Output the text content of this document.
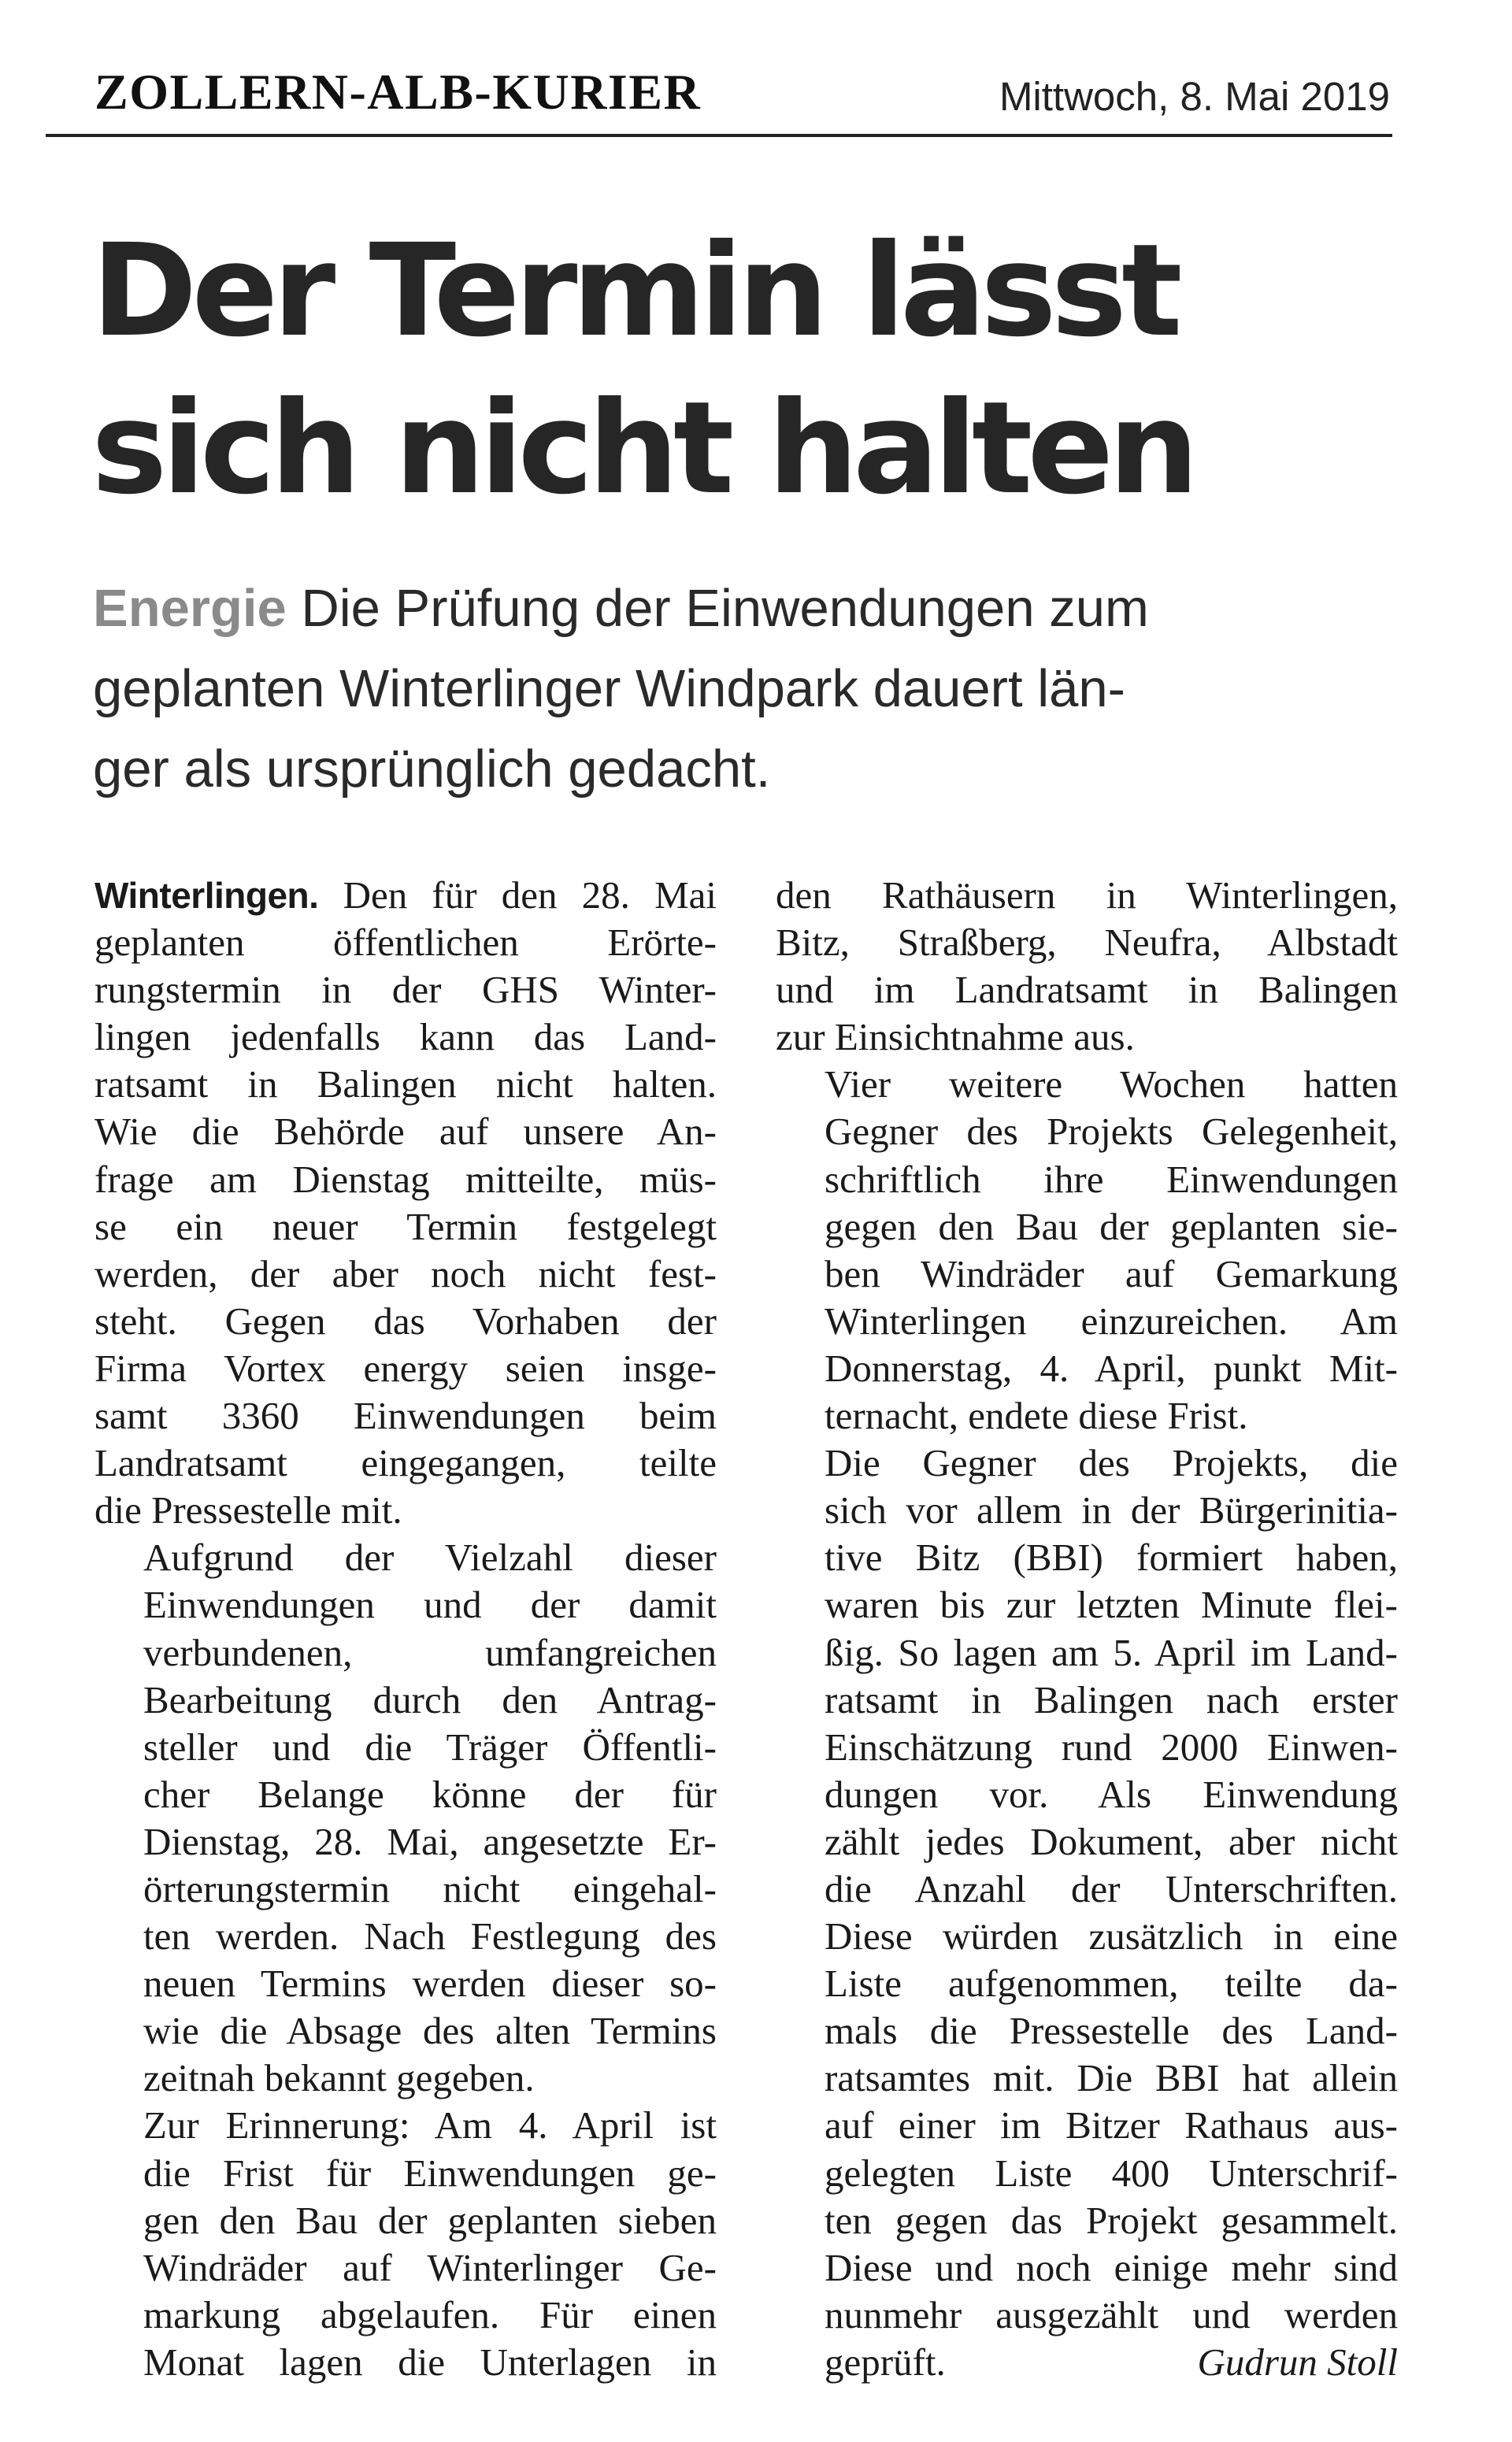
ZOLLERN-ALB-KURIER	Mittwoch, 8. Mai 2019
Der Termin lässt
sich nicht halten
Energie Die Prüfung der Einwendungen zum
geplanten Winterlinger Windpark dauert län-
ger als ursprünglich gedacht.
Winterlingen. Den für den 28. Mai
geplanten öffentlichen Erörte-
rungstermin in der GHS Winter-
lingen jedenfalls kann das Land-
ratsamt in Balingen nicht halten.
Wie die Behörde auf unsere An-
frage am Dienstag mitteilte, müs-
se ein neuer Termin festgelegt
werden, der aber noch nicht fest-
steht. Gegen das Vorhaben der
Firma Vortex energy seien insge-
samt 3360 Einwendungen beim
Landratsamt eingegangen, teilte
die Pressestelle mit.
Aufgrund der Vielzahl dieser
Einwendungen und der damit
verbundenen, umfangreichen
Bearbeitung durch den Antrag-
steller und die Träger Öffentli-
cher Belange könne der für
Dienstag, 28. Mai, angesetzte Er-
örterungstermin nicht eingehal-
ten werden. Nach Festlegung des
neuen Termins werden dieser so-
wie die Absage des alten Termins
zeitnah bekannt gegeben.
Zur Erinnerung: Am 4. April ist
die Frist für Einwendungen ge-
gen den Bau der geplanten sieben
Windräder auf Winterlinger Ge-
markung abgelaufen. Für einen
Monat lagen die Unterlagen in
den Rathäusern in Winterlingen,
Bitz, Straßberg, Neufra, Albstadt
und im Landratsamt in Balingen
zur Einsichtnahme aus.
Vier weitere Wochen hatten
Gegner des Projekts Gelegenheit,
schriftlich ihre Einwendungen
gegen den Bau der geplanten sie-
ben Windräder auf Gemarkung
Winterlingen einzureichen. Am
Donnerstag, 4. April, punkt Mit-
ternacht, endete diese Frist.
Die Gegner des Projekts, die
sich vor allem in der Bürgerinitia-
tive Bitz (BBI) formiert haben,
waren bis zur letzten Minute flei-
ßig. So lagen am 5. April im Land-
ratsamt in Balingen nach erster
Einschätzung rund 2000 Einwen-
dungen vor. Als Einwendung
zählt jedes Dokument, aber nicht
die Anzahl der Unterschriften.
Diese würden zusätzlich in eine
Liste aufgenommen, teilte da-
mals die Pressestelle des Land-
ratsamtes mit. Die BBI hat allein
auf einer im Bitzer Rathaus aus-
gelegten Liste 400 Unterschrif-
ten gegen das Projekt gesammelt.
Diese und noch einige mehr sind
nunmehr ausgezählt und werden
geprüft.	Gudrun Stoll
